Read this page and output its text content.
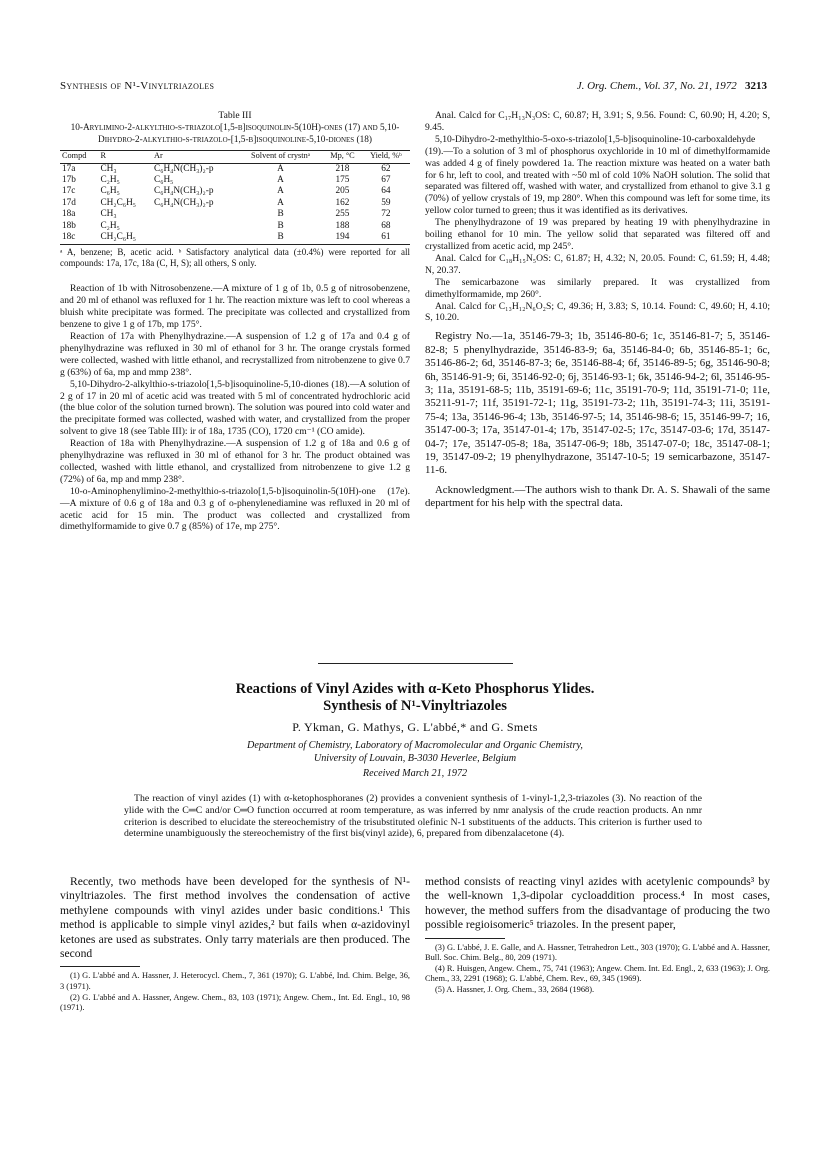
Synthesis of N¹-Vinyltriazoles	J. Org. Chem., Vol. 37, No. 21, 1972 3213
Table III
10-Arylimino-2-alkylthio-s-triazolo[1,5-b]isoquinolin-5(10H)-ones (17) and 5,10-Dihydro-2-alkylthio-s-triazolo-[1,5-b]isoquinoline-5,10-diones (18)
Compd	R	Ar	Solvent of crystnᵃ	Mp, °C	Yield, %ᵇ
17a	CH₃	C₆H₄N(CH₃)₂-p	A	218	62
17b	C₂H₅	C₆H₅	A	175	67
17c	C₆H₅	C₆H₄N(CH₃)₂-p	A	205	64
17d	CH₂C₆H₅	C₆H₄N(CH₃)₂-p	A	162	59
18a	CH₃		B	255	72
18b	C₂H₅		B	188	68
18c	CH₂C₆H₅		B	194	61
ᵃ A, benzene; B, acetic acid. ᵇ Satisfactory analytical data (±0.4%) were reported for all compounds: 17a, 17c, 18a (C, H, S); all others, S only.

Reaction of 1b with Nitrosobenzene.—A mixture of 1 g of 1b, 0.5 g of nitrosobenzene, and 20 ml of ethanol was refluxed for 1 hr. The reaction mixture was left to cool whereas a bluish white precipitate was formed. The precipitate was collected and crystallized from benzene to give 1 g of 17b, mp 175°.

Reaction of 17a with Phenylhydrazine.—A suspension of 1.2 g of 17a and 0.4 g of phenylhydrazine was refluxed in 30 ml of ethanol for 3 hr. The orange crystals formed were collected, washed with little ethanol, and recrystallized from nitrobenzene to give 0.7 g (63%) of 6a, mp and mmp 238°.

5,10-Dihydro-2-alkylthio-s-triazolo[1,5-b]isoquinoline-5,10-diones (18).—A solution of 2 g of 17 in 20 ml of acetic acid was treated with 5 ml of concentrated hydrochloric acid (the blue color of the solution turned brown). The solution was poured into cold water and the precipitate formed was collected, washed with water, and crystallized from the proper solvent to give 18 (see Table III): ir of 18a, 1735 (CO), 1720 cm⁻¹ (CO amide).

Reaction of 18a with Phenylhydrazine.—A suspension of 1.2 g of 18a and 0.6 g of phenylhydrazine was refluxed in 30 ml of ethanol for 3 hr. The product obtained was collected, washed with little ethanol, and crystallized from nitrobenzene to give 1.2 g (72%) of 6a, mp and mmp 238°.

10-o-Aminophenylimino-2-methylthio-s-triazolo[1,5-b]isoquinolin-5(10H)-one (17e).—A mixture of 0.6 g of 18a and 0.3 g of o-phenylenediamine was refluxed in 20 ml of acetic acid for 15 min. The product was collected and crystallized from dimethylformamide to give 0.7 g (85%) of 17e, mp 275°.

Anal. Calcd for C₁₇H₁₃N₃OS: C, 60.87; H, 3.91; S, 9.56. Found: C, 60.90; H, 4.20; S, 9.45.

5,10-Dihydro-2-methylthio-5-oxo-s-triazolo[1,5-b]isoquinoline-10-carboxaldehyde (19).—To a solution of 3 ml of phosphorus oxychloride in 10 ml of dimethylformamide was added 4 g of finely powdered 1a. The reaction mixture was heated on a water bath for 6 hr, left to cool, and treated with ~50 ml of cold 10% NaOH solution. The solid that separated was filtered off, washed with water, and crystallized from ethanol to give 3.1 g (70%) of yellow crystals of 19, mp 280°. When this compound was left for some time, its yellow color turned to green; thus it was identified as its derivatives.

The phenylhydrazone of 19 was prepared by heating 19 with phenylhydrazine in boiling ethanol for 10 min. The yellow solid that separated was filtered off and crystallized from acetic acid, mp 245°.

Anal. Calcd for C₁₈H₁₅N₅OS: C, 61.87; H, 4.32; N, 20.05. Found: C, 61.59; H, 4.48; N, 20.37.

The semicarbazone was similarly prepared. It was crystallized from dimethylformamide, mp 260°.

Anal. Calcd for C₁₃H₁₂N₆O₂S; C, 49.36; H, 3.83; S, 10.14. Found: C, 49.60; H, 4.10; S, 10.20.

Registry No.—1a, 35146-79-3; 1b, 35146-80-6; 1c, 35146-81-7; 5, 35146-82-8; 5 phenylhydrazide, 35146-83-9; 6a, 35146-84-0; 6b, 35146-85-1; 6c, 35146-86-2; 6d, 35146-87-3; 6e, 35146-88-4; 6f, 35146-89-5; 6g, 35146-90-8; 6h, 35146-91-9; 6i, 35146-92-0; 6j, 35146-93-1; 6k, 35146-94-2; 6l, 35146-95-3; 11a, 35191-68-5; 11b, 35191-69-6; 11c, 35191-70-9; 11d, 35191-71-0; 11e, 35211-91-7; 11f, 35191-72-1; 11g, 35191-73-2; 11h, 35191-74-3; 11i, 35191-75-4; 13a, 35146-96-4; 13b, 35146-97-5; 14, 35146-98-6; 15, 35146-99-7; 16, 35147-00-3; 17a, 35147-01-4; 17b, 35147-02-5; 17c, 35147-03-6; 17d, 35147-04-7; 17e, 35147-05-8; 18a, 35147-06-9; 18b, 35147-07-0; 18c, 35147-08-1; 19, 35147-09-2; 19 phenylhydrazone, 35147-10-5; 19 semicarbazone, 35147-11-6.

Acknowledgment.—The authors wish to thank Dr. A. S. Shawali of the same department for his help with the spectral data.

Reactions of Vinyl Azides with α-Keto Phosphorus Ylides.
Synthesis of N¹-Vinyltriazoles
P. Ykman, G. Mathys, G. L'abbé,* and G. Smets
Department of Chemistry, Laboratory of Macromolecular and Organic Chemistry,
University of Louvain, B-3030 Heverlee, Belgium
Received March 21, 1972
The reaction of vinyl azides (1) with α-ketophosphoranes (2) provides a convenient synthesis of 1-vinyl-1,2,3-triazoles (3). No reaction of the ylide with the C═C and/or C═O function occurred at room temperature, as was inferred by nmr analysis of the crude reaction products. An nmr criterion is described to elucidate the stereochemistry of the trisubstituted olefinic N-1 substituents of the adducts. This criterion is further used to determine unambiguously the stereochemistry of the first bis(vinyl azide), 6, prepared from dibenzalacetone (4).

Recently, two methods have been developed for the synthesis of N¹-vinyltriazoles. The first method involves the condensation of active methylene compounds with vinyl azides under basic conditions.¹ This method is applicable to simple vinyl azides,² but fails when α-azidovinyl ketones are used as substrates. Only tarry materials are then produced. The second

(1) G. L'abbé and A. Hassner, J. Heterocycl. Chem., 7, 361 (1970); G. L'abbé, Ind. Chim. Belge, 36, 3 (1971).

(2) G. L'abbé and A. Hassner, Angew. Chem., 83, 103 (1971); Angew. Chem., Int. Ed. Engl., 10, 98 (1971).

method consists of reacting vinyl azides with acetylenic compounds³ by the well-known 1,3-dipolar cycloaddition process.⁴ In most cases, however, the method suffers from the disadvantage of producing the two possible regioisomeric⁵ triazoles. In the present paper,

(3) G. L'abbé, J. E. Galle, and A. Hassner, Tetrahedron Lett., 303 (1970); G. L'abbé and A. Hassner, Bull. Soc. Chim. Belg., 80, 209 (1971).

(4) R. Huisgen, Angew. Chem., 75, 741 (1963); Angew. Chem. Int. Ed. Engl., 2, 633 (1963); J. Org. Chem., 33, 2291 (1968); G. L'abbé, Chem. Rev., 69, 345 (1969).

(5) A. Hassner, J. Org. Chem., 33, 2684 (1968).
